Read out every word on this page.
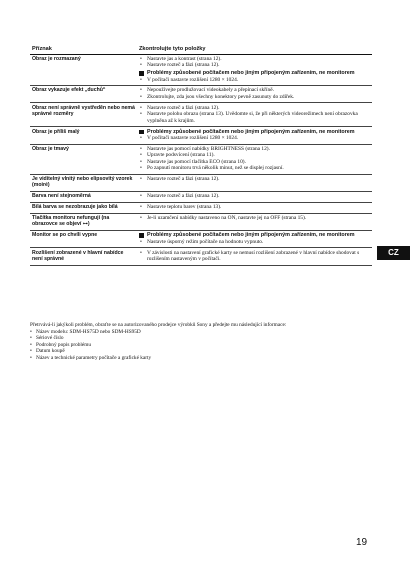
Příznak	Zkontrolujte tyto položky
Obraz je rozmazaný	• Nastavte jas a kontrast (strana 12).

• Nastavte rozteč a fázi (strana 12).

Problémy způsobené počítačem nebo jiným připojeným zařízením, ne monitorem

• V počítači nastavte rozlišení 1280 × 1024.

Obraz vykazuje efekt „duchů“	• Nepoužívejte prodlužovací videokabely a přepínací skříně.

• Zkontrolujte, zda jsou všechny konektory pevně zasunuty do zdířek.

Obraz není správně vystředěn nebo nemá správné rozměry	• Nastavte rozteč a fázi (strana 12).

• Nastavte polohu obrazu (strana 13). Uvědomte si, že při některých videorežimech není obrazovka vyplněna až k krajům.

Obraz je příliš malý	Problémy způsobené počítačem nebo jiným připojeným zařízením, ne monitorem

• V počítači nastavte rozlišení 1280 × 1024.

Obraz je tmavý	• Nastavte jas pomocí nabídky BRIGHTNESS (strana 12).

• Upravte podsvícení (strana 11).

• Nastavte jas pomocí tlačítka ECO (strana 10).

• Po zapnutí monitoru trvá několik minut, než se displej rozjasní.

Je viditelný vlnitý nebo elipsovitý vzorek (moiré)	• Nastavte rozteč a fázi (strana 12).

Barva není stejnoměrná	• Nastavte rozteč a fázi (strana 12).

Bílá barva se nezobrazuje jako bílá	• Nastavte teplotu barev (strana 13).

Tlačítka monitoru nefungují (na obrazovce se objeví ⊶)	• Je-li uzamčení nabídky nastaveno na ON, nastavte jej na OFF (strana 15).

Monitor se po chvíli vypne	Problémy způsobené počítačem nebo jiným připojeným zařízením, ne monitorem

• Nastavte úsporný režim počítače na hodnotu vypnuto.

Rozlišení zobrazené v hlavní nabídce není správné	• V závislosti na nastavení grafické karty se nemusí rozlišení zobrazené v hlavní nabídce shodovat s rozlišením nastaveným v počítači.

CZ

Přetrvává-li jakýkoli problém, obraťte se na autorizovaného prodejce výrobků Sony a předejte mu následující informace:

• Název modelu: SDM-HS75D nebo SDM-HS95D
• Sériové číslo
• Podrobný popis problému
• Datum koupě
• Název a technické parametry počítače a grafické karty
19
